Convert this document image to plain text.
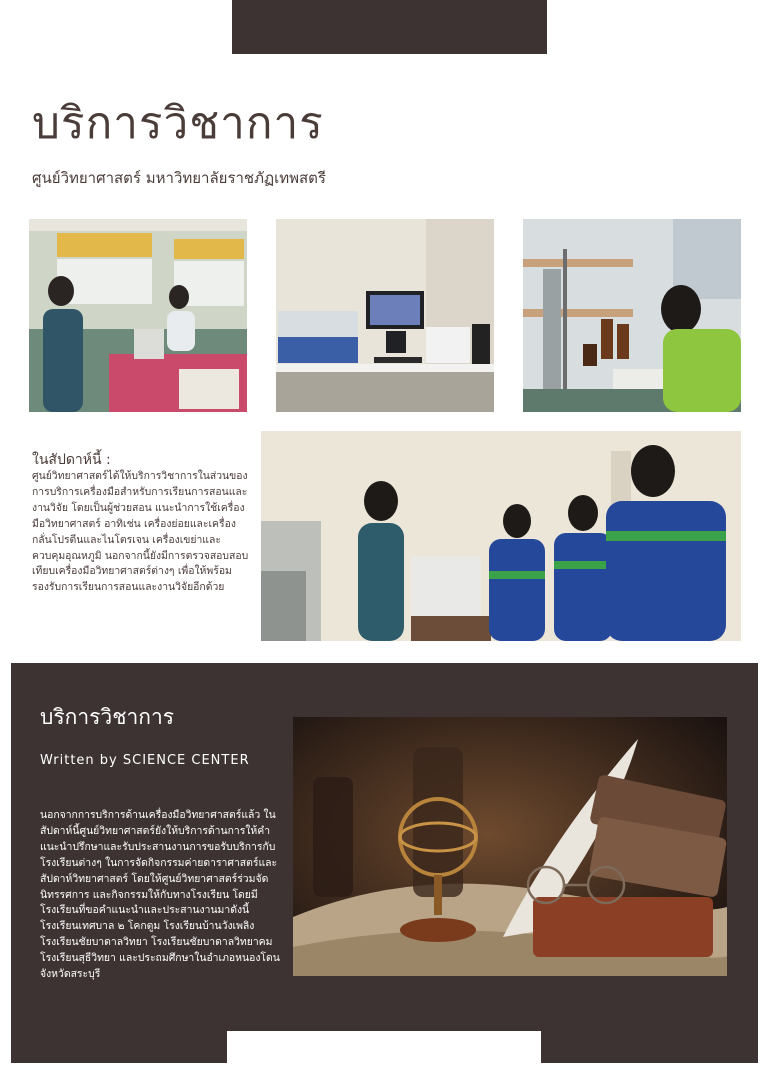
บริการวิชาการ
ศูนย์วิทยาศาสตร์ มหาวิทยาลัยราชภัฏเทพสตรี
ในสัปดาห์นี้ :
ศูนย์วิทยาศาสตร์ได้ให้บริการวิชาการในส่วนของการบริการเครื่องมือสำหรับการเรียนการสอนและงานวิจัย โดยเป็นผู้ช่วยสอน แนะนำการใช้เครื่องมือวิทยาศาสตร์ อาทิเช่น เครื่องย่อยและเครื่องกลั่นโปรตีนและไนโตรเจน เครื่องเขย่าและควบคุมอุณหภูมิ นอกจากนี้ยังมีการตรวจสอบสอบเทียบเครื่องมือวิทยาศาสตร์ต่างๆ เพื่อให้พร้อมรองรับการเรียนการสอนและงานวิจัยอีกด้วย
บริการวิชาการ
Written by SCIENCE CENTER
นอกจากการบริการด้านเครื่องมือวิทยาศาสตร์แล้ว ในสัปดาห์นี้ศูนย์วิทยาศาสตร์ยังให้บริการด้านการให้คำแนะนำปรึกษาและรับประสานงานการขอรับบริการกับโรงเรียนต่างๆ ในการจัดกิจกรรมค่ายดาราศาสตร์และสัปดาห์วิทยาศาสตร์ โดยให้ศูนย์วิทยาศาสตร์ร่วมจัดนิทรรศการ และกิจกรรมให้กับทางโรงเรียน โดยมีโรงเรียนที่ขอคำแนะนำและประสานงานมาดังนี้ โรงเรียนเทศบาล ๒ โคกตูม โรงเรียนบ้านวังเพลิง โรงเรียนชัยบาดาลวิทยา โรงเรียนชัยบาดาลวิทยาคม โรงเรียนสุธีวิทยา และประถมศึกษาในอำเภอหนองโดน จังหวัดสระบุรี
